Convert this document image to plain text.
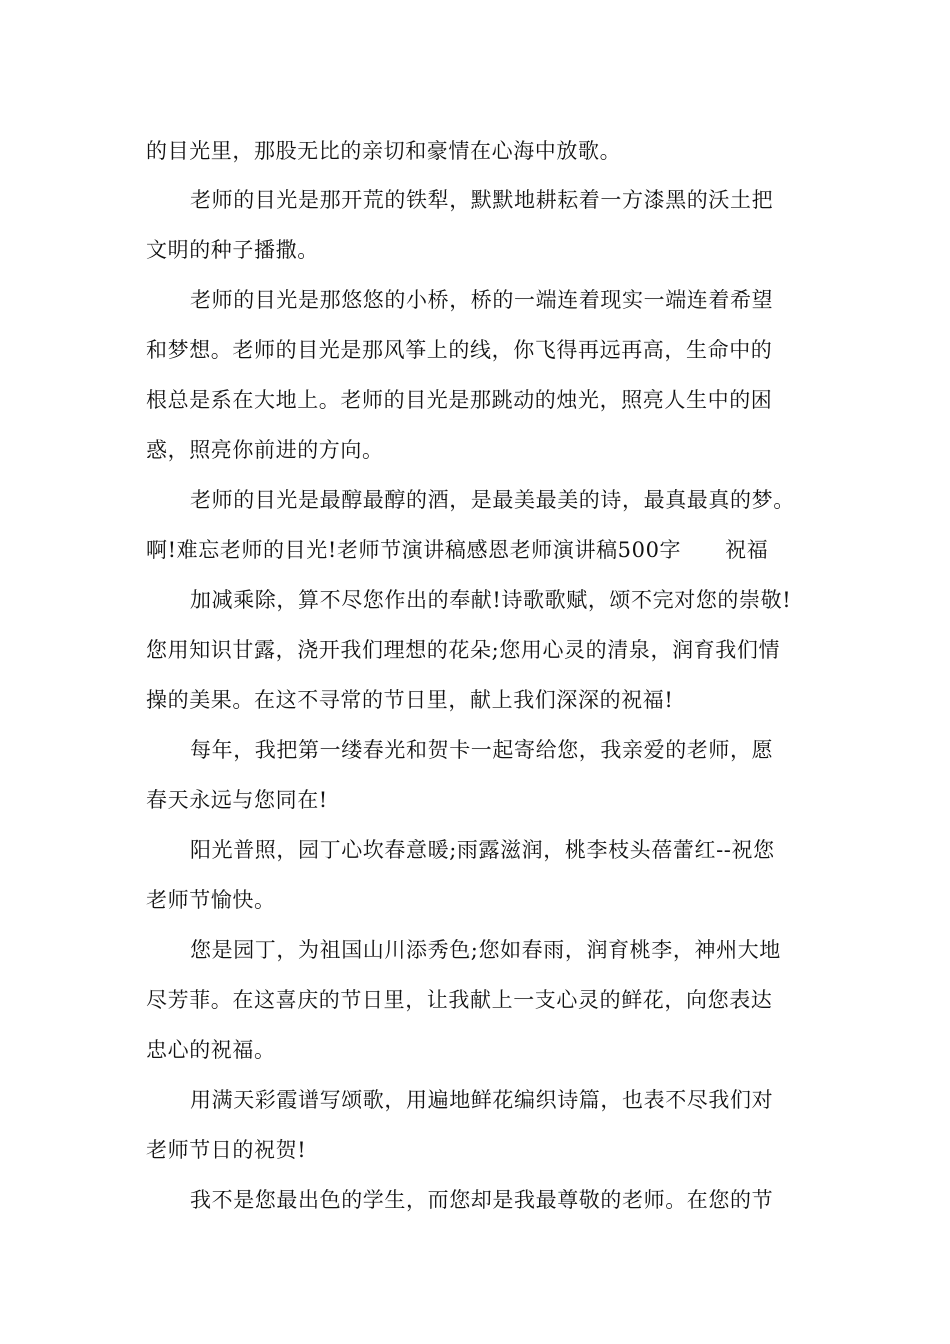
的目光里，那股无比的亲切和豪情在心海中放歌。
老师的目光是那开荒的铁犁，默默地耕耘着一方漆黑的沃土把
文明的种子播撒。
老师的目光是那悠悠的小桥，桥的一端连着现实一端连着希望
和梦想。老师的目光是那风筝上的线，你飞得再远再高，生命中的
根总是系在大地上。老师的目光是那跳动的烛光，照亮人生中的困
惑，照亮你前进的方向。
老师的目光是最醇最醇的酒，是最美最美的诗，最真最真的梦。
啊!难忘老师的目光!老师节演讲稿感恩老师演讲稿500字 祝福
加减乘除，算不尽您作出的奉献!诗歌歌赋，颂不完对您的崇敬!
您用知识甘露，浇开我们理想的花朵;您用心灵的清泉，润育我们情
操的美果。在这不寻常的节日里，献上我们深深的祝福!
每年，我把第一缕春光和贺卡一起寄给您，我亲爱的老师，愿
春天永远与您同在!
阳光普照，园丁心坎春意暖;雨露滋润，桃李枝头蓓蕾红--祝您
老师节愉快。
您是园丁，为祖国山川添秀色;您如春雨，润育桃李，神州大地
尽芳菲。在这喜庆的节日里，让我献上一支心灵的鲜花，向您表达
忠心的祝福。
用满天彩霞谱写颂歌，用遍地鲜花编织诗篇，也表不尽我们对
老师节日的祝贺!
我不是您最出色的学生，而您却是我最尊敬的老师。在您的节
